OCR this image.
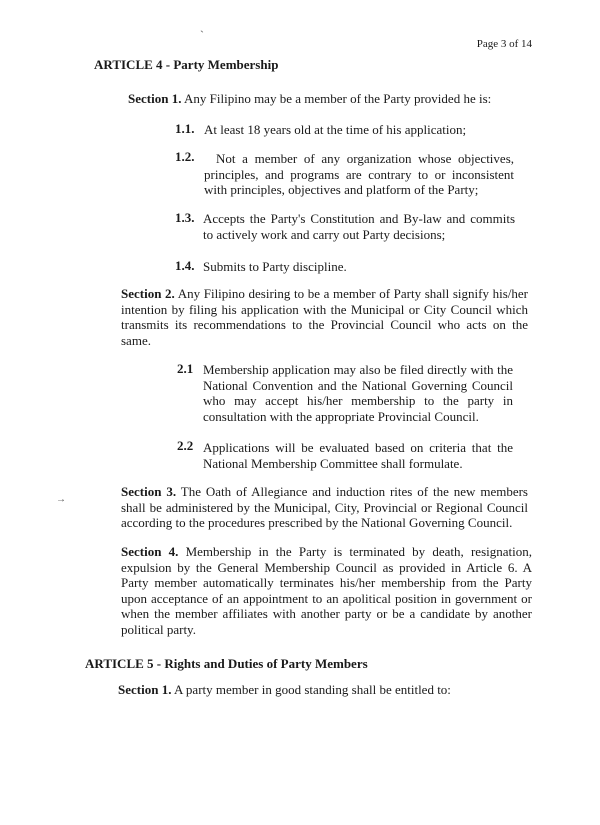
ˋ
→
Page 3 of 14
ARTICLE 4 - Party Membership
Section 1. Any Filipino may be a member of the Party provided he is:
1.1. At least 18 years old at the time of his application;
1.2.	Not a member of any organization whose objectives, principles, and programs are contrary to or inconsistent with principles, objectives and platform of the Party;
1.3. Accepts the Party's Constitution and By-law and commits to actively work and carry out Party decisions;
1.4. Submits to Party discipline.
Section 2. Any Filipino desiring to be a member of Party shall signify his/her intention by filing his application with the Municipal or City Council which transmits its recommendations to the Provincial Council who acts on the same.
2.1 Membership application may also be filed directly with the National Convention and the National Governing Council who may accept his/her membership to the party in consultation with the appropriate Provincial Council.
2.2 Applications will be evaluated based on criteria that the National Membership Committee shall formulate.
Section 3. The Oath of Allegiance and induction rites of the new members shall be administered by the Municipal, City, Provincial or Regional Council according to the procedures prescribed by the National Governing Council.
Section 4. Membership in the Party is terminated by death, resignation, expulsion by the General Membership Council as provided in Article 6. A Party member automatically terminates his/her membership from the Party upon acceptance of an appointment to an apolitical position in government or when the member affiliates with another party or be a candidate by another political party.
ARTICLE 5 - Rights and Duties of Party Members
Section 1. A party member in good standing shall be entitled to:
